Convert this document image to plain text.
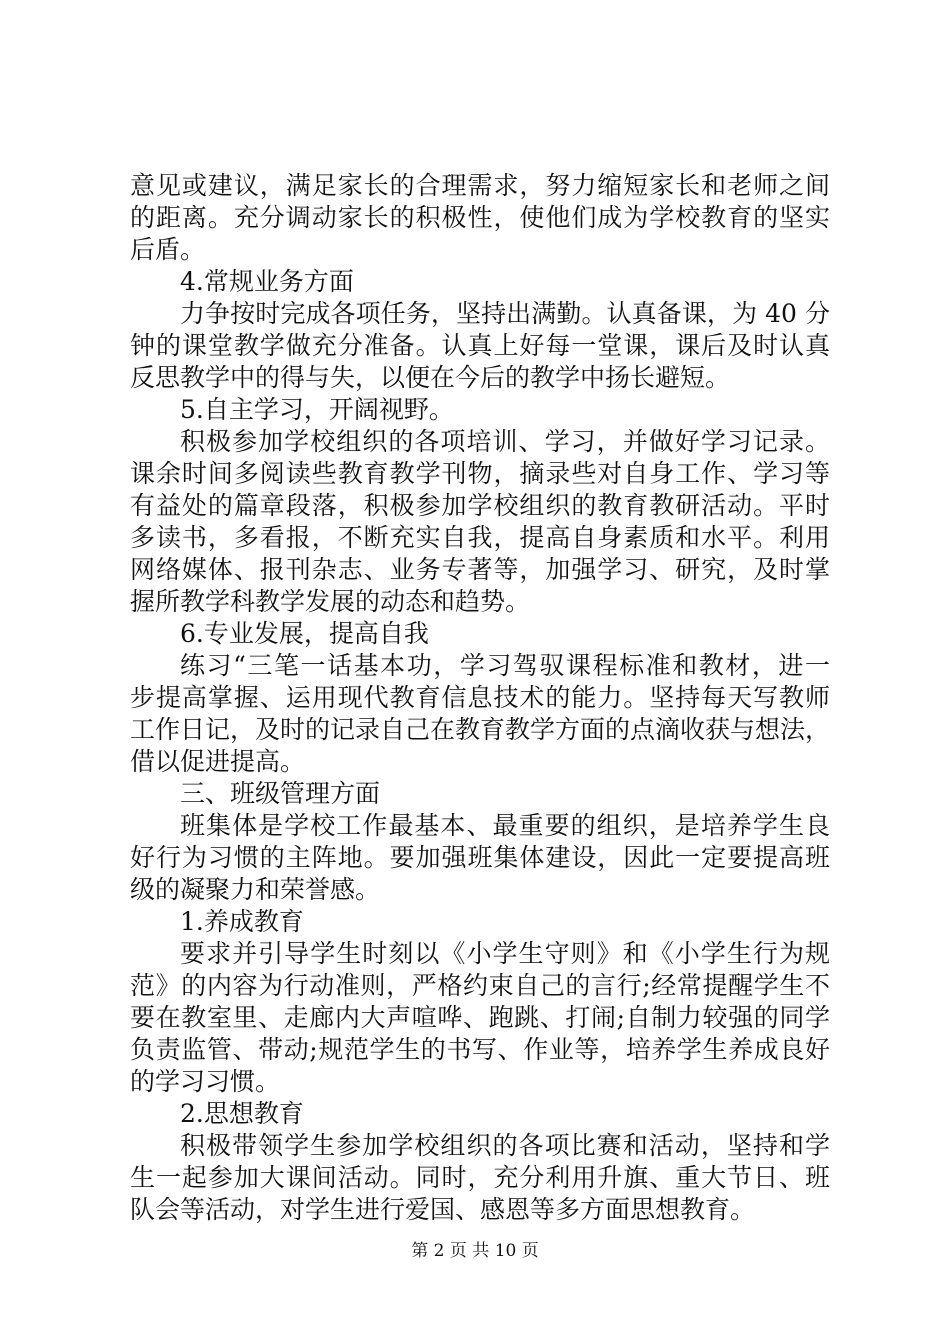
意见或建议，满足家长的合理需求，努力缩短家长和老师之间
的距离。充分调动家长的积极性，使他们成为学校教育的坚实
后盾。
4.常规业务方面
力争按时完成各项任务，坚持出满勤。认真备课，为 40 分
钟的课堂教学做充分准备。认真上好每一堂课，课后及时认真
反思教学中的得与失，以便在今后的教学中扬长避短。
5.自主学习，开阔视野。
积极参加学校组织的各项培训、学习，并做好学习记录。
课余时间多阅读些教育教学刊物，摘录些对自身工作、学习等
有益处的篇章段落，积极参加学校组织的教育教研活动。平时
多读书，多看报，不断充实自我，提高自身素质和水平。利用
网络媒体、报刊杂志、业务专著等，加强学习、研究，及时掌
握所教学科教学发展的动态和趋势。
6.专业发展，提高自我
练习“三笔一话基本功，学习驾驭课程标准和教材，进一
步提高掌握、运用现代教育信息技术的能力。坚持每天写教师
工作日记，及时的记录自己在教育教学方面的点滴收获与想法，
借以促进提高。
三、班级管理方面
班集体是学校工作最基本、最重要的组织，是培养学生良
好行为习惯的主阵地。要加强班集体建设，因此一定要提高班
级的凝聚力和荣誉感。
1.养成教育
要求并引导学生时刻以《小学生守则》和《小学生行为规
范》的内容为行动准则，严格约束自己的言行;经常提醒学生不
要在教室里、走廊内大声喧哗、跑跳、打闹;自制力较强的同学
负责监管、带动;规范学生的书写、作业等，培养学生养成良好
的学习习惯。
2.思想教育
积极带领学生参加学校组织的各项比赛和活动，坚持和学
生一起参加大课间活动。同时，充分利用升旗、重大节日、班
队会等活动，对学生进行爱国、感恩等多方面思想教育。
第 2 页 共 10 页
